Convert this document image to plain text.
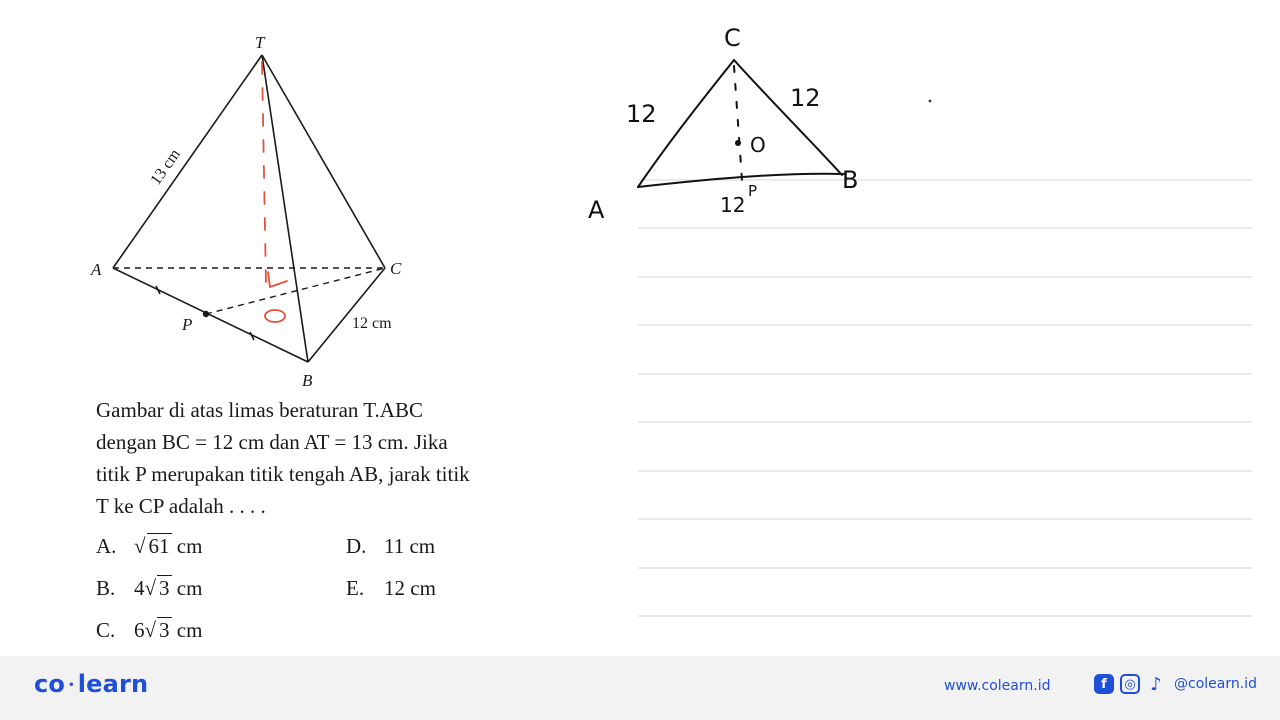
T
A	C
P
B
13 cm
12 cm
C
A
B
P
O
12
12
12
Gambar di atas limas beraturan T.ABC
dengan BC = 12 cm dan AT = 13 cm. Jika
titik P merupakan titik tengah AB, jarak titik
T ke CP adalah . . . .
A. √ 61 cm
B. 4√ 3 cm
C. 6√ 3 cm
D. 11 cm
E. 12 cm
co • learn	www.colearn.id	f	◎ ♪ @colearn.id
